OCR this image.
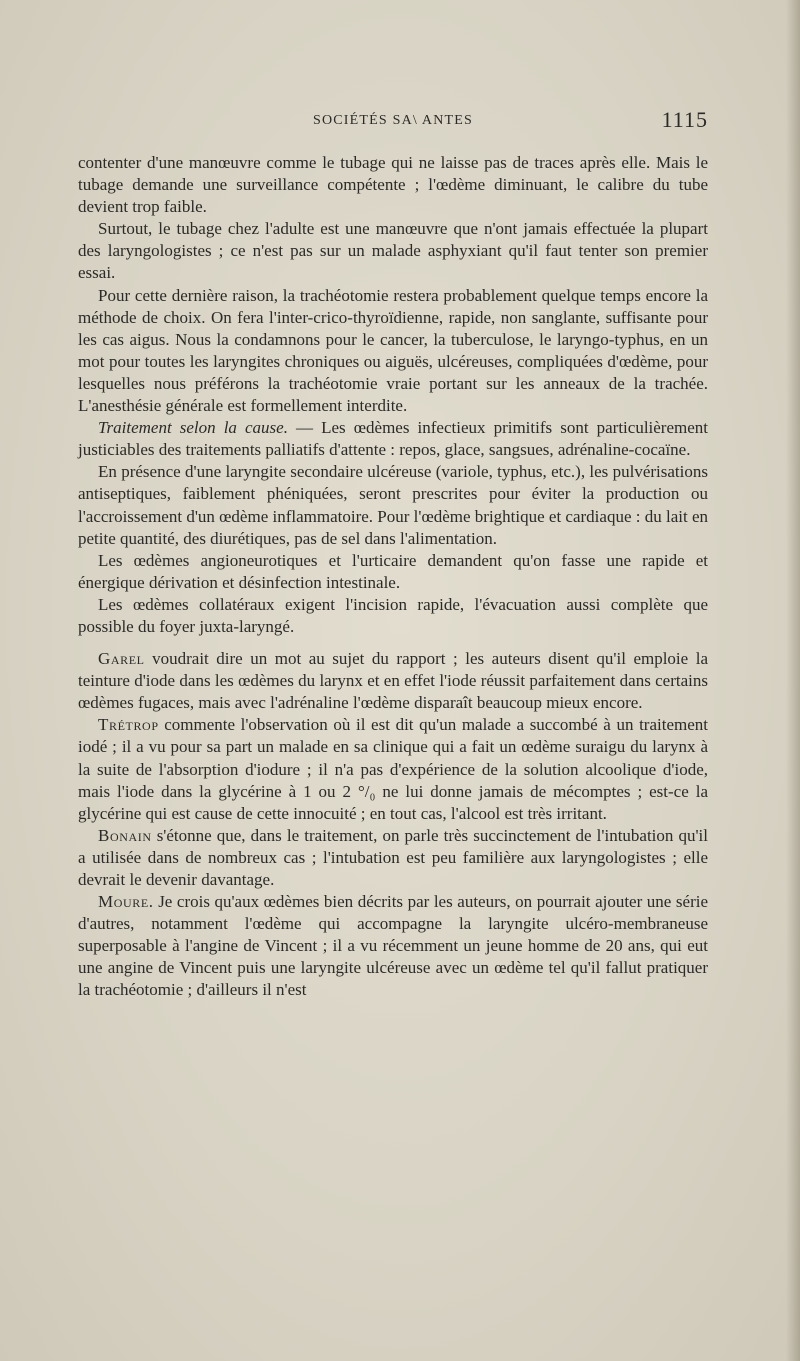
SOCIÉTÉS SA\ ANTES	1115

contenter d'une manœuvre comme le tubage qui ne laisse pas de traces après elle. Mais le tubage demande une surveillance compétente ; l'œdème diminuant, le calibre du tube devient trop faible.

Surtout, le tubage chez l'adulte est une manœuvre que n'ont jamais effectuée la plupart des laryngologistes ; ce n'est pas sur un malade asphyxiant qu'il faut tenter son premier essai.

Pour cette dernière raison, la trachéotomie restera probablement quelque temps encore la méthode de choix. On fera l'inter-crico-thyroïdienne, rapide, non sanglante, suffisante pour les cas aigus. Nous la condamnons pour le cancer, la tuberculose, le laryngo-typhus, en un mot pour toutes les laryngites chroniques ou aiguës, ulcéreuses, compliquées d'œdème, pour lesquelles nous préférons la trachéotomie vraie portant sur les anneaux de la trachée. L'anesthésie générale est formellement interdite.

Traitement selon la cause. — Les œdèmes infectieux primitifs sont particulièrement justiciables des traitements palliatifs d'attente : repos, glace, sangsues, adrénaline-cocaïne.

En présence d'une laryngite secondaire ulcéreuse (variole, typhus, etc.), les pulvérisations antiseptiques, faiblement phéniquées, seront prescrites pour éviter la production ou l'accroissement d'un œdème inflammatoire. Pour l'œdème brightique et cardiaque : du lait en petite quantité, des diurétiques, pas de sel dans l'alimentation.

Les œdèmes angioneurotiques et l'urticaire demandent qu'on fasse une rapide et énergique dérivation et désinfection intestinale.

Les œdèmes collatéraux exigent l'incision rapide, l'évacuation aussi complète que possible du foyer juxta-laryngé.

Garel voudrait dire un mot au sujet du rapport ; les auteurs disent qu'il emploie la teinture d'iode dans les œdèmes du larynx et en effet l'iode réussit parfaitement dans certains œdèmes fugaces, mais avec l'adrénaline l'œdème disparaît beaucoup mieux encore.

Trétrop commente l'observation où il est dit qu'un malade a succombé à un traitement iodé ; il a vu pour sa part un malade en sa clinique qui a fait un œdème suraigu du larynx à la suite de l'absorption d'iodure ; il n'a pas d'expérience de la solution alcoolique d'iode, mais l'iode dans la glycérine à 1 ou 2 °/₀ ne lui donne jamais de mécomptes ; est-ce la glycérine qui est cause de cette innocuité ; en tout cas, l'alcool est très irritant.

Bonain s'étonne que, dans le traitement, on parle très succinctement de l'intubation qu'il a utilisée dans de nombreux cas ; l'intubation est peu familière aux laryngologistes ; elle devrait le devenir davantage.

Moure. Je crois qu'aux œdèmes bien décrits par les auteurs, on pourrait ajouter une série d'autres, notamment l'œdème qui accompagne la laryngite ulcéro-membraneuse superposable à l'angine de Vincent ; il a vu récemment un jeune homme de 20 ans, qui eut une angine de Vincent puis une laryngite ulcéreuse avec un œdème tel qu'il fallut pratiquer la trachéotomie ; d'ailleurs il n'est
